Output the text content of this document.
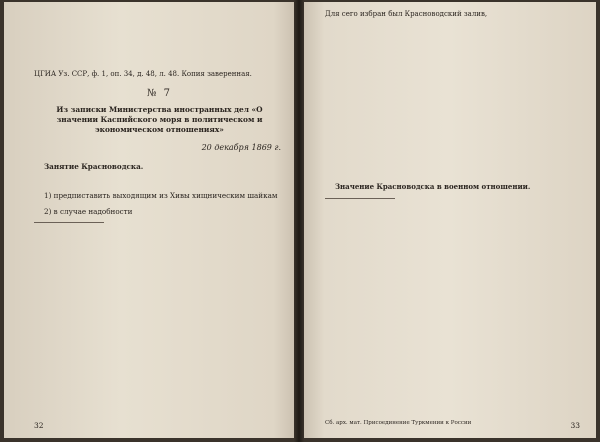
ЦГИА Уз. ССР, ф. 1, оп. 34, д. 48, л. 48. Копия заверенная.

№ 7
Из записки Министерства иностранных дел «О значении Каспийского моря в политическом и экономическом отношениях»
20 декабря 1869 г.

Занятие Красноводска.

1) предпиставить выходящим из Хивы хищническим шайкам

2) в случае надобности

32

Для сего избран был Красноводский залив,

Значение Красноводска в военном отношении.

Сб. арх. мат. Присоединение Туркмении к России	33
